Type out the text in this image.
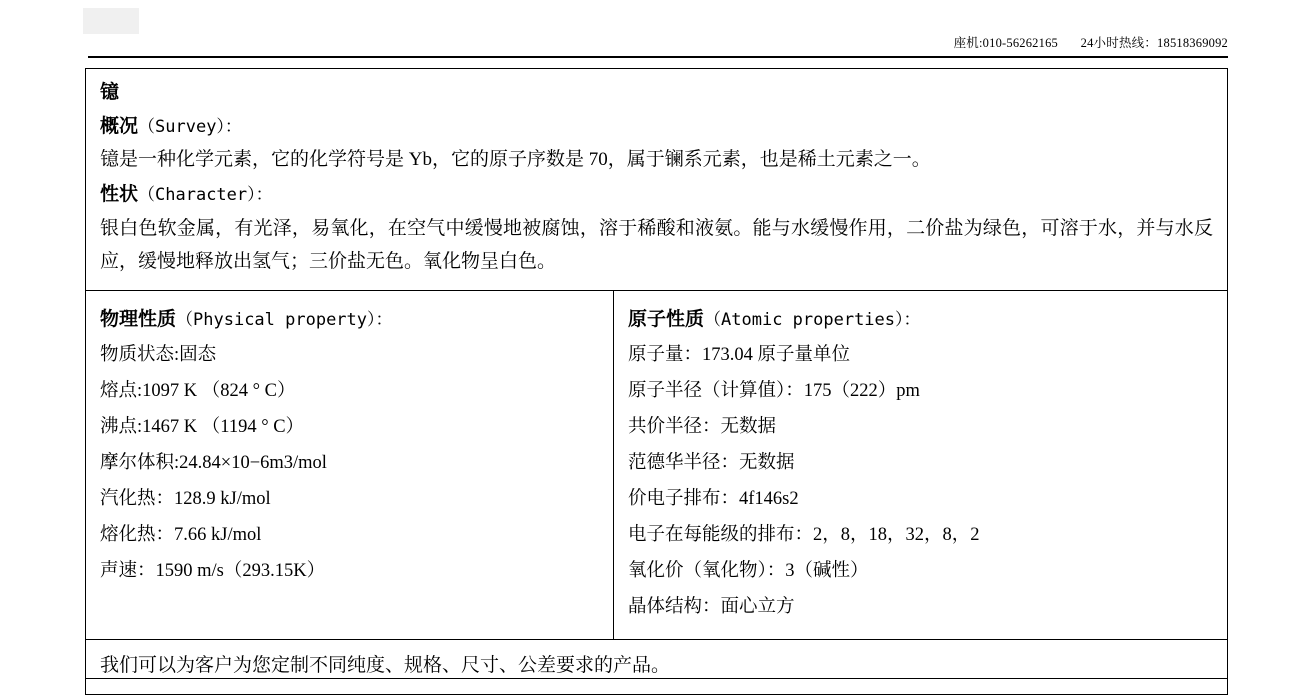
座机:010-56262165 24小时热线：18518369092
镱
概况（Survey）：

镱是一种化学元素，它的化学符号是 Yb，它的原子序数是 70，属于镧系元素，也是稀土元素之一。

性状（Character）：

银白色软金属，有光泽，易氧化，在空气中缓慢地被腐蚀，溶于稀酸和液氨。能与水缓慢作用，二价盐为绿色，可溶于水，并与水反应，缓慢地释放出氢气；三价盐无色。氧化物呈白色。

物理性质（Physical property）：
物质状态:固态
熔点:1097 K （824 ° C）
沸点:1467 K （1194 ° C）
摩尔体积:24.84×10−6m3/mol
汽化热：128.9 kJ/mol
熔化热：7.66 kJ/mol
声速：1590 m/s（293.15K）
原子性质（Atomic properties）：
原子量：173.04 原子量单位
原子半径（计算值）：175（222）pm
共价半径：无数据
范德华半径：无数据
价电子排布：4f146s2
电子在每能级的排布：2，8，18，32，8，2
氧化价（氧化物）：3（碱性）
晶体结构：面心立方
我们可以为客户为您定制不同纯度、规格、尺寸、公差要求的产品。
